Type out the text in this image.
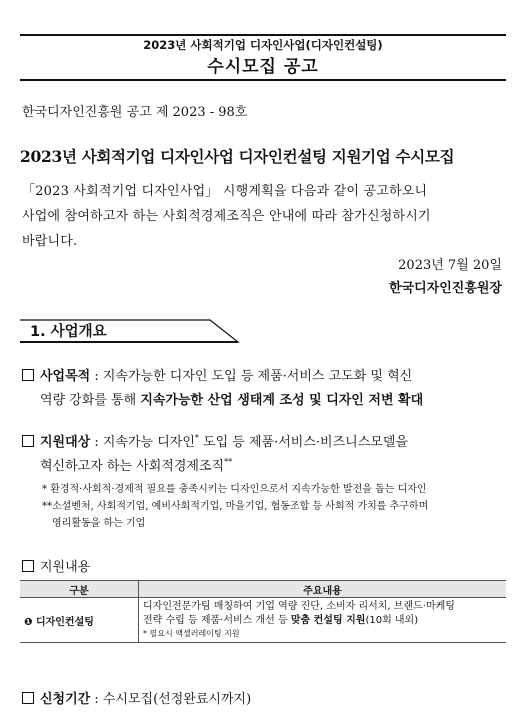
2023년 사회적기업 디자인사업(디자인컨설팅)
수시모집 공고
한국디자인진흥원 공고 제 2023 - 98호
2023년 사회적기업 디자인사업 디자인컨설팅 지원기업 수시모집
「2023 사회적기업 디자인사업」 시행계획을 다음과 같이 공고하오니
사업에 참여하고자 하는 사회적경제조직은 안내에 따라 참가신청하시기
바랍니다.
2023년 7월 20일
한국디자인진흥원장
1. 사업개요
사업목적 : 지속가능한 디자인 도입 등 제품·서비스 고도화 및 혁신
역량 강화를 통해 지속가능한 산업 생태계 조성 및 디자인 저변 확대
지원대상 : 지속가능 디자인* 도입 등 제품·서비스·비즈니스모델을
혁신하고자 하는 사회적경제조직**
* 환경적·사회적·경제적 필요를 충족시키는 디자인으로서 지속가능한 발전을 돕는 디자인
**소셜벤처, 사회적기업, 예비사회적기업, 마을기업, 협동조합 등 사회적 가치를 추구하며
영리활동을 하는 기업
지원내용
구분	주요내용
❶ 디자인컨설팅	디자인전문가팀 매칭하여 기업 역량 진단, 소비자 리서치, 브랜드·마케팅
전략 수립 등 제품·서비스 개선 등 맞춤 컨설팅 지원(10회 내외)
* 필요시 액셀러레이팅 지원
신청기간 : 수시모집(선정완료시까지)
